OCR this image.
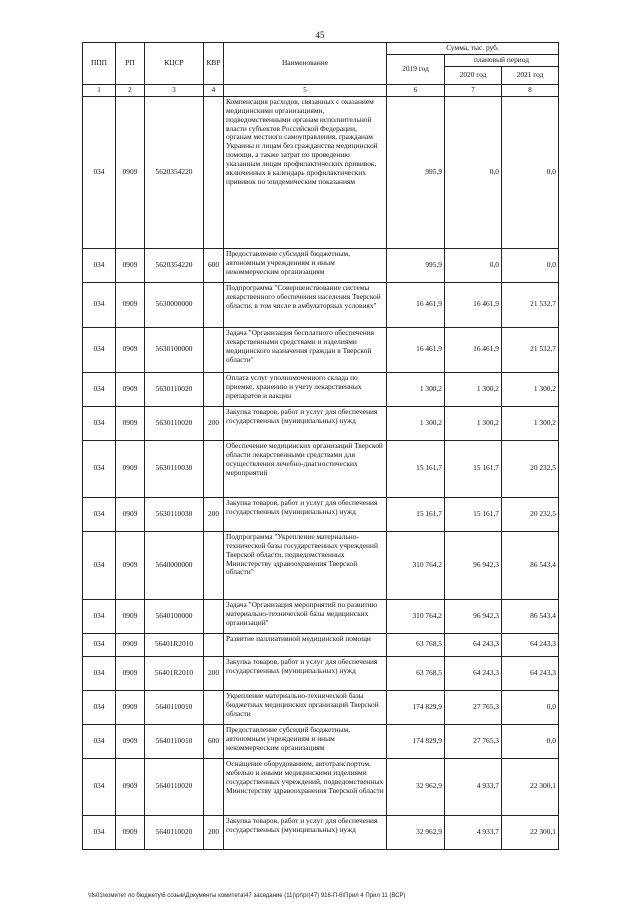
45
ППП	РП	КЦСР	КВР	Наименование	Сумма, тыс. руб.		
					2019 год	плановый период	
						2020 год	2021 год
1	2	3	4	5	6	7	8
034	0909	5620354220		Компенсация расходов, связанных с оказанием медицинскими организациями, подведомственными органам исполнительной власти субъектов Российской Федерации, органам местного самоуправления, гражданам Украины и лицам без гражданства медицинской помощи, а также затрат по проведению указанным лицам профилактических прививок, включенных в календарь профилактических прививок по эпидемическим показаниям	995,9	0,0	0,0
034	0909	5620354220	600	Предоставление субсидий бюджетным, автономным учреждениям и иным некоммерческим организациям	995,9	0,0	0,0
034	0909	5630000000		Подпрограмма "Совершенствование системы лекарственного обеспечения населения Тверской области, в том числе в амбулаторных условиях"	16 461,9	16 461,9	21 532,7
034	0909	5630100000		Задача "Организация бесплатного обеспечения лекарственными средствами и изделиями медицинского назначения граждан в Тверской области"	16 461,9	16 461,9	21 532,7
034	0909	5630110020		Оплата услуг уполномоченного склада по приемке, хранению и учету лекарственных препаратов и вакцин	1 300,2	1 300,2	1 300,2
034	0909	5630110020	200	Закупка товаров, работ и услуг для обеспечения государственных (муниципальных) нужд	1 300,2	1 300,2	1 300,2
034	0909	5630110030		Обеспечение медицинских организаций Тверской области лекарственными средствами для осуществления лечебно-диагностических мероприятий	15 161,7	15 161,7	20 232,5
034	0909	5630110030	200	Закупка товаров, работ и услуг для обеспечения государственных (муниципальных) нужд	15 161,7	15 161,7	20 232,5
034	0909	5640000000		Подпрограмма "Укрепление материально-технической базы государственных учреждений Тверской области, подведомственных Министерству здравоохранения Тверской области"	310 764,2	96 942,3	86 543,4
034	0909	5640100000		Задача "Организация мероприятий по развитию материально-технической базы медицинских организаций"	310 764,2	96 942,3	86 543,4
034	0909	56401R2010		Развитие паллиативной медицинской помощи	63 768,5	64 243,3	64 243,3
034	0909	56401R2010	200	Закупка товаров, работ и услуг для обеспечения государственных (муниципальных) нужд	63 768,5	64 243,3	64 243,3
034	0909	5640110010		Укрепление материально-технической базы бюджетных медицинских организаций Тверской области	174 829,9	27 765,3	0,0
034	0909	5640110010	600	Предоставление субсидий бюджетным, автономным учреждениям и иным некоммерческим организациям	174 829,9	27 765,3	0,0
034	0909	5640110020		Оснащение оборудованием, автотранспортом, мебелью и иными медицинскими изделиями государственных учреждений, подведомственных Министерству здравоохранения Тверской области	32 962,9	4 933,7	22 300,1
034	0909	5640110020	200	Закупка товаров, работ и услуг для обеспечения государственных (муниципальных) нужд	32 962,9	4 933,7	22 300,1
\\fs01\комитет по бюджету\6 созыв\Документы комитета\47 заседание (11)\pr\pr(47) 916-П-6\Прил 4 Прил 11 (ВСР)
